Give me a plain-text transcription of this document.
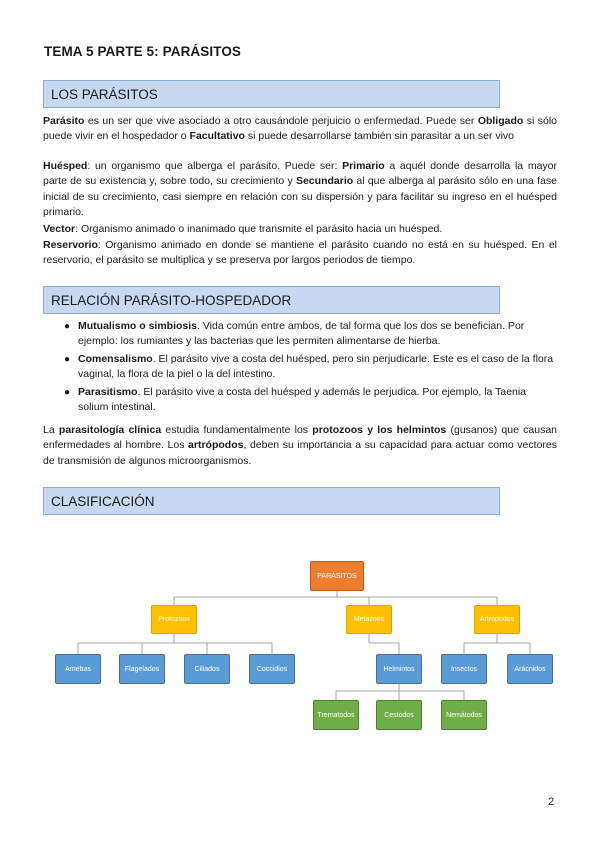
TEMA 5 PARTE 5: PARÁSITOS
LOS PARÁSITOS

Parásito es un ser que vive asociado a otro causándole perjuicio o enfermedad. Puede ser Obligado si sólo puede vivir en el hospedador o Facultativo si puede desarrollarse también sin parasitar a un ser vivo

Huésped: un organismo que alberga el parásito. Puede ser: Primario a aquél donde desarrolla la mayor parte de su existencia y, sobre todo, su crecimiento y Secundario al que alberga al parásito sólo en una fase inicial de su crecimiento, casi siempre en relación con su dispersión y para facilitar su ingreso en el huésped primario.

Vector: Organismo animado o inanimado que transmite el parásito hacia un huésped.

Reservorio: Organismo animado en donde se mantiene el parásito cuando no está en su huésped. En el reservorio, el parásito se multiplica y se preserva por largos periodos de tiempo.

RELACIÓN PARÁSITO-HOSPEDADOR
● Mutualismo o simbiosis. Vida común entre ambos, de tal forma que los dos se benefician. Por ejemplo: los rumiantes y las bacterias que les permiten alimentarse de hierba.
● Comensalismo. El parásito vive a costa del huésped, pero sin perjudicarle. Este es el caso de la flora vaginal, la flora de la piel o la del intestino.
● Parasitismo. El parásito vive a costa del huésped y además le perjudica. Por ejemplo, la Taenia solium intestinal.

La parasitología clínica estudia fundamentalmente los protozoos y los helmintos (gusanos) que causan enfermedades al hombre. Los artrópodos, deben su importancia a su capacidad para actuar como vectores de transmisión de algunos microorganismos.

CLASIFICACIÓN
PARÁSITOS
Protozoos	Metazoos	Artrópodos
Amebas	Flagelados	Ciliados	Coccidios	Helmintos	Insectos	Arácnidos
Trematodos	Cestodos	Nemátodos
2
